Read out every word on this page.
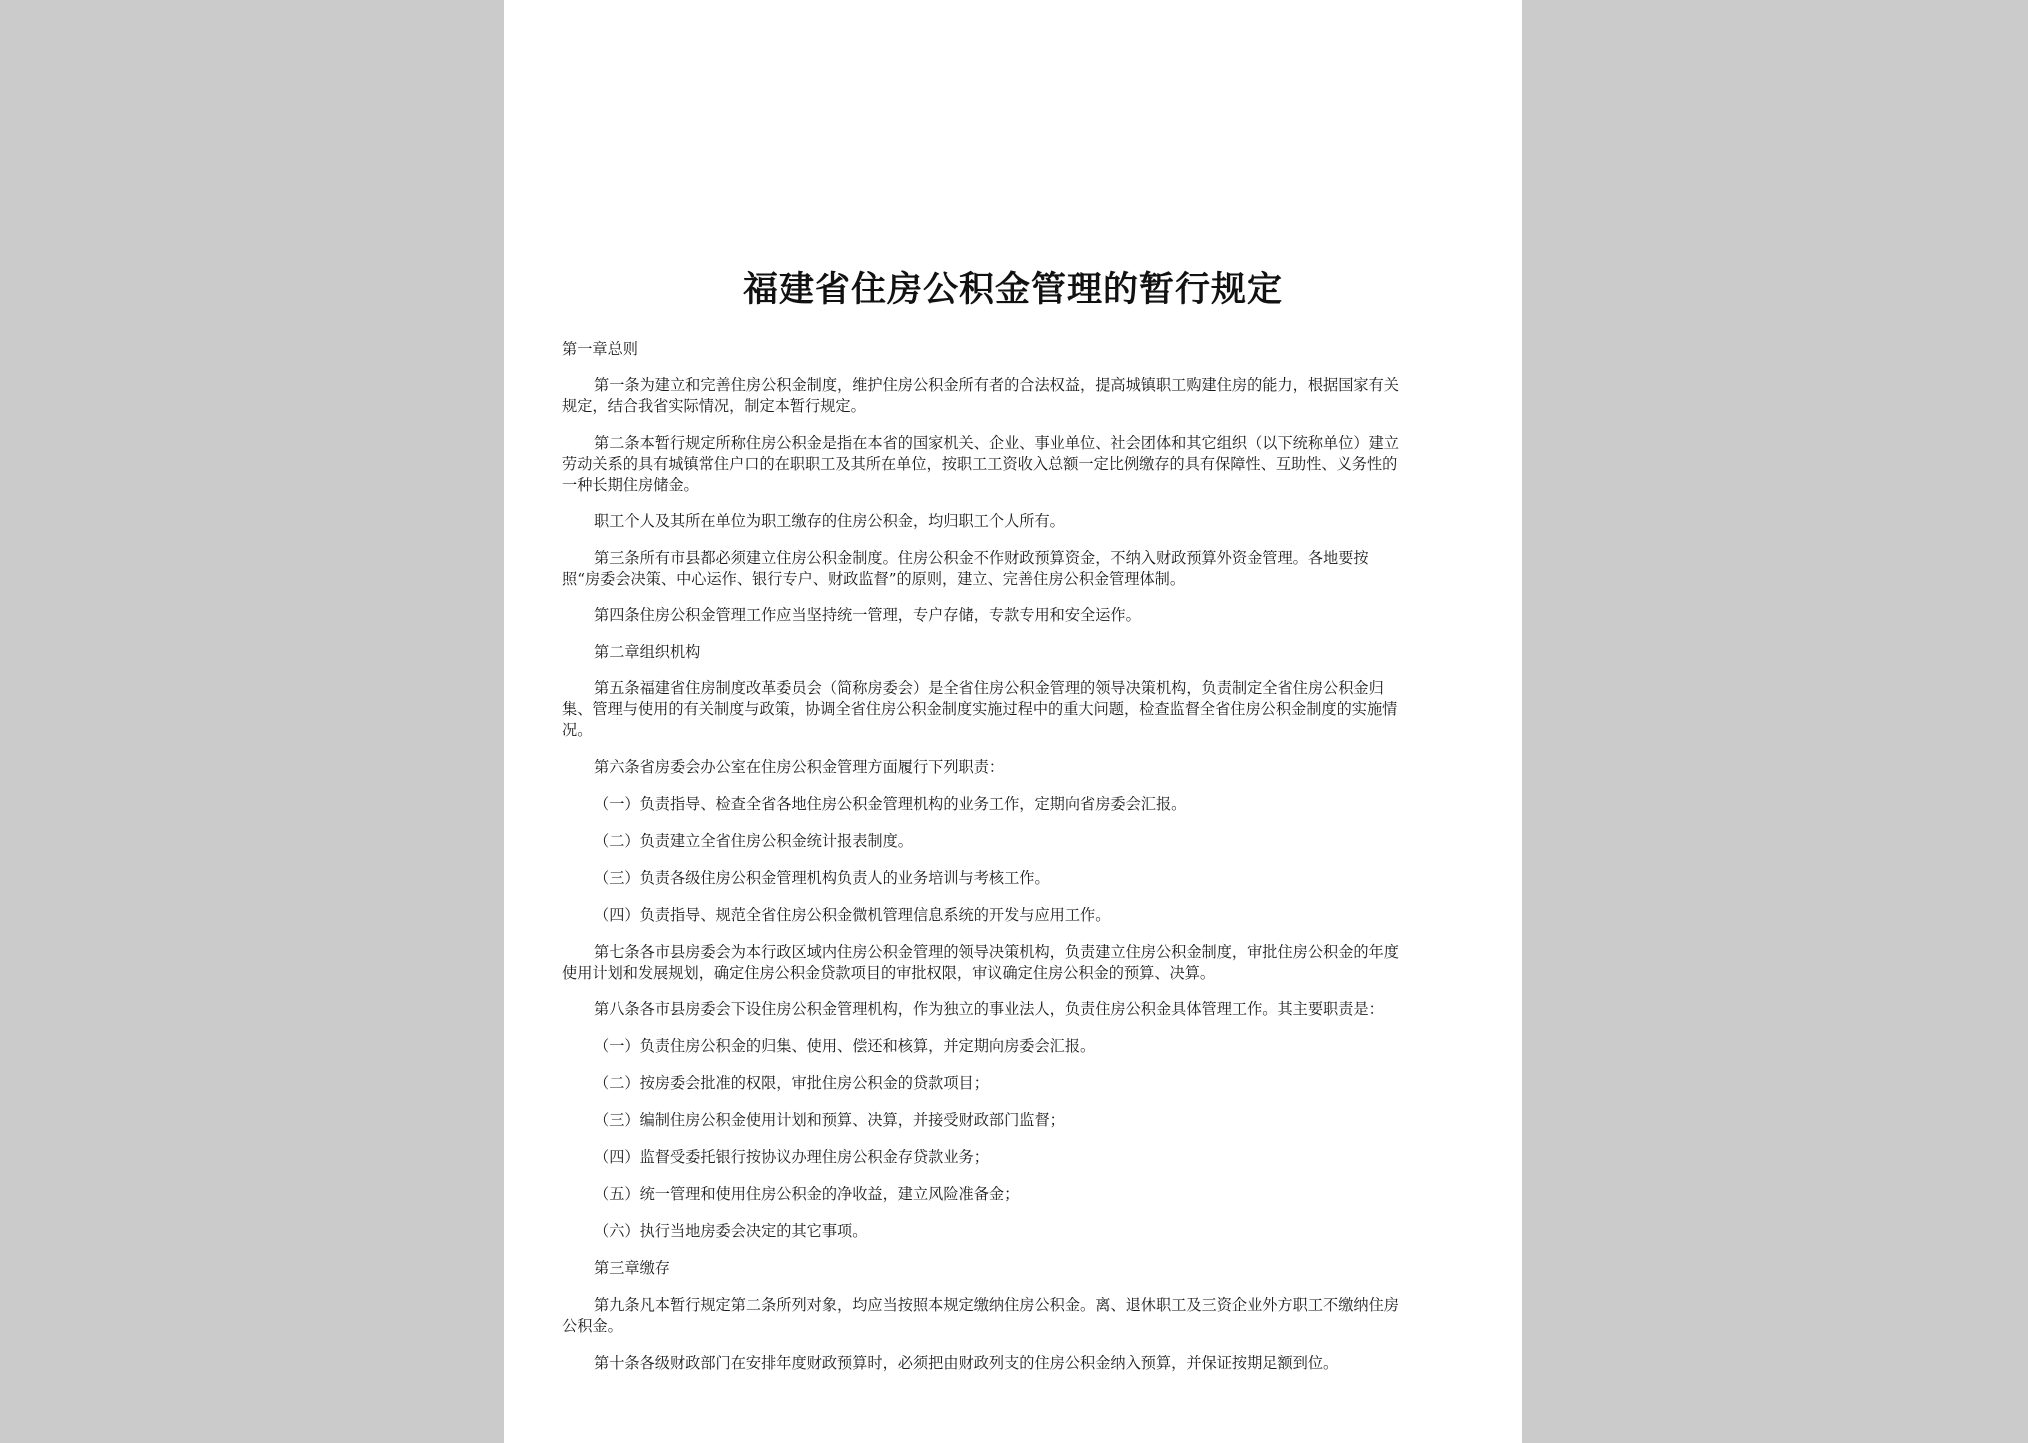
福建省住房公积金管理的暂行规定
第一章总则
第一条为建立和完善住房公积金制度，维护住房公积金所有者的合法权益，提高城镇职工购建住房的能力，根据国家有关
规定，结合我省实际情况，制定本暂行规定。
第二条本暂行规定所称住房公积金是指在本省的国家机关、企业、事业单位、社会团体和其它组织（以下统称单位）建立
劳动关系的具有城镇常住户口的在职职工及其所在单位，按职工工资收入总额一定比例缴存的具有保障性、互助性、义务性的
一种长期住房储金。
职工个人及其所在单位为职工缴存的住房公积金，均归职工个人所有。
第三条所有市县都必须建立住房公积金制度。住房公积金不作财政预算资金，不纳入财政预算外资金管理。各地要按
照“房委会决策、中心运作、银行专户、财政监督”的原则，建立、完善住房公积金管理体制。
第四条住房公积金管理工作应当坚持统一管理，专户存储，专款专用和安全运作。
第二章组织机构
第五条福建省住房制度改革委员会（简称房委会）是全省住房公积金管理的领导决策机构，负责制定全省住房公积金归
集、管理与使用的有关制度与政策，协调全省住房公积金制度实施过程中的重大问题，检查监督全省住房公积金制度的实施情
况。
第六条省房委会办公室在住房公积金管理方面履行下列职责：
（一）负责指导、检查全省各地住房公积金管理机构的业务工作，定期向省房委会汇报。
（二）负责建立全省住房公积金统计报表制度。
（三）负责各级住房公积金管理机构负责人的业务培训与考核工作。
（四）负责指导、规范全省住房公积金微机管理信息系统的开发与应用工作。
第七条各市县房委会为本行政区域内住房公积金管理的领导决策机构，负责建立住房公积金制度，审批住房公积金的年度
使用计划和发展规划，确定住房公积金贷款项目的审批权限，审议确定住房公积金的预算、决算。
第八条各市县房委会下设住房公积金管理机构，作为独立的事业法人，负责住房公积金具体管理工作。其主要职责是：
（一）负责住房公积金的归集、使用、偿还和核算，并定期向房委会汇报。
（二）按房委会批准的权限，审批住房公积金的贷款项目；
（三）编制住房公积金使用计划和预算、决算，并接受财政部门监督；
（四）监督受委托银行按协议办理住房公积金存贷款业务；
（五）统一管理和使用住房公积金的净收益，建立风险准备金；
（六）执行当地房委会决定的其它事项。
第三章缴存
第九条凡本暂行规定第二条所列对象，均应当按照本规定缴纳住房公积金。离、退休职工及三资企业外方职工不缴纳住房
公积金。
第十条各级财政部门在安排年度财政预算时，必须把由财政列支的住房公积金纳入预算，并保证按期足额到位。
